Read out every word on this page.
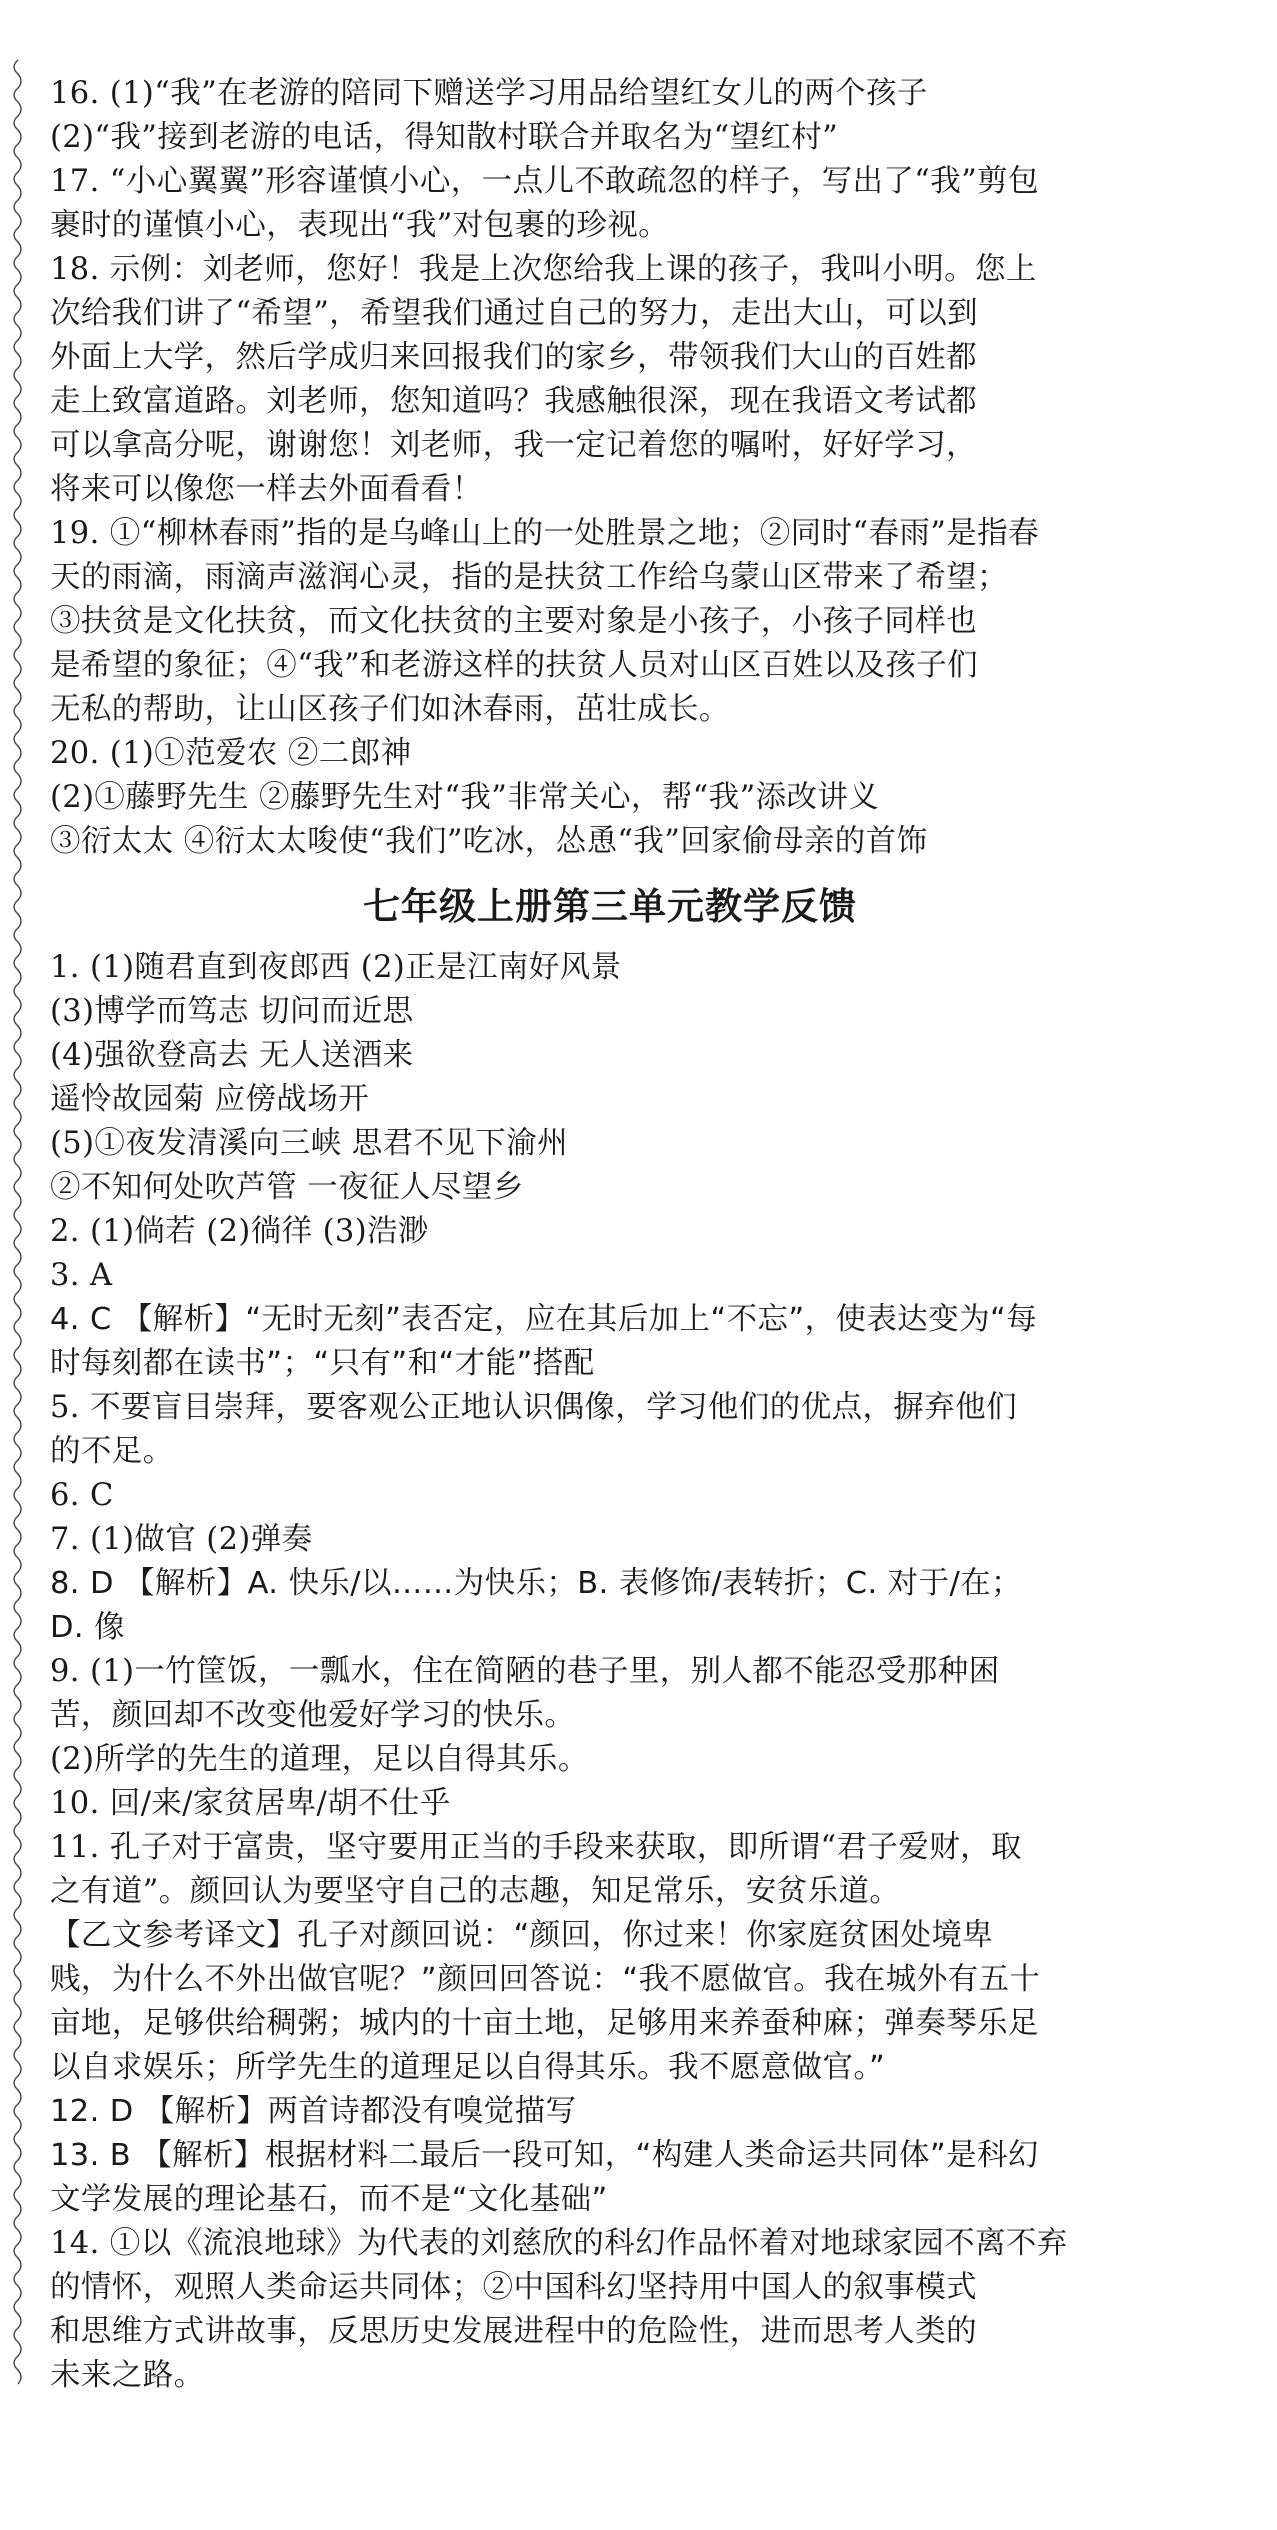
16. (1)“我”在老游的陪同下赠送学习用品给望红女儿的两个孩子
(2)“我”接到老游的电话，得知散村联合并取名为“望红村”
17. “小心翼翼”形容谨慎小心，一点儿不敢疏忽的样子，写出了“我”剪包
裹时的谨慎小心，表现出“我”对包裹的珍视。
18. 示例：刘老师，您好！我是上次您给我上课的孩子，我叫小明。您上
次给我们讲了“希望”，希望我们通过自己的努力，走出大山，可以到
外面上大学，然后学成归来回报我们的家乡，带领我们大山的百姓都
走上致富道路。刘老师，您知道吗？我感触很深，现在我语文考试都
可以拿高分呢，谢谢您！刘老师，我一定记着您的嘱咐，好好学习，
将来可以像您一样去外面看看！
19. ①“柳林春雨”指的是乌峰山上的一处胜景之地；②同时“春雨”是指春
天的雨滴，雨滴声滋润心灵，指的是扶贫工作给乌蒙山区带来了希望；
③扶贫是文化扶贫，而文化扶贫的主要对象是小孩子，小孩子同样也
是希望的象征；④“我”和老游这样的扶贫人员对山区百姓以及孩子们
无私的帮助，让山区孩子们如沐春雨，茁壮成长。
20. (1)①范爱农 ②二郎神
(2)①藤野先生 ②藤野先生对“我”非常关心，帮“我”添改讲义
③衍太太 ④衍太太唆使“我们”吃冰，怂恿“我”回家偷母亲的首饰
七年级上册第三单元教学反馈
1. (1)随君直到夜郎西 (2)正是江南好风景
(3)博学而笃志 切问而近思
(4)强欲登高去 无人送酒来
遥怜故园菊 应傍战场开
(5)①夜发清溪向三峡 思君不见下渝州
②不知何处吹芦管 一夜征人尽望乡
2. (1)倘若 (2)徜徉 (3)浩渺
3. A
4. C 【解析】“无时无刻”表否定，应在其后加上“不忘”，使表达变为“每
时每刻都在读书”；“只有”和“才能”搭配
5. 不要盲目崇拜，要客观公正地认识偶像，学习他们的优点，摒弃他们
的不足。
6. C
7. (1)做官 (2)弹奏
8. D 【解析】A. 快乐/以……为快乐；B. 表修饰/表转折；C. 对于/在；
D. 像
9. (1)一竹筐饭，一瓢水，住在简陋的巷子里，别人都不能忍受那种困
苦，颜回却不改变他爱好学习的快乐。
(2)所学的先生的道理，足以自得其乐。
10. 回/来/家贫居卑/胡不仕乎
11. 孔子对于富贵，坚守要用正当的手段来获取，即所谓“君子爱财，取
之有道”。颜回认为要坚守自己的志趣，知足常乐，安贫乐道。
【乙文参考译文】孔子对颜回说：“颜回，你过来！你家庭贫困处境卑
贱，为什么不外出做官呢？”颜回回答说：“我不愿做官。我在城外有五十
亩地，足够供给稠粥；城内的十亩土地，足够用来养蚕种麻；弹奏琴乐足
以自求娱乐；所学先生的道理足以自得其乐。我不愿意做官。”
12. D 【解析】两首诗都没有嗅觉描写
13. B 【解析】根据材料二最后一段可知，“构建人类命运共同体”是科幻
文学发展的理论基石，而不是“文化基础”
14. ①以《流浪地球》为代表的刘慈欣的科幻作品怀着对地球家园不离不弃
的情怀，观照人类命运共同体；②中国科幻坚持用中国人的叙事模式
和思维方式讲故事，反思历史发展进程中的危险性，进而思考人类的
未来之路。
